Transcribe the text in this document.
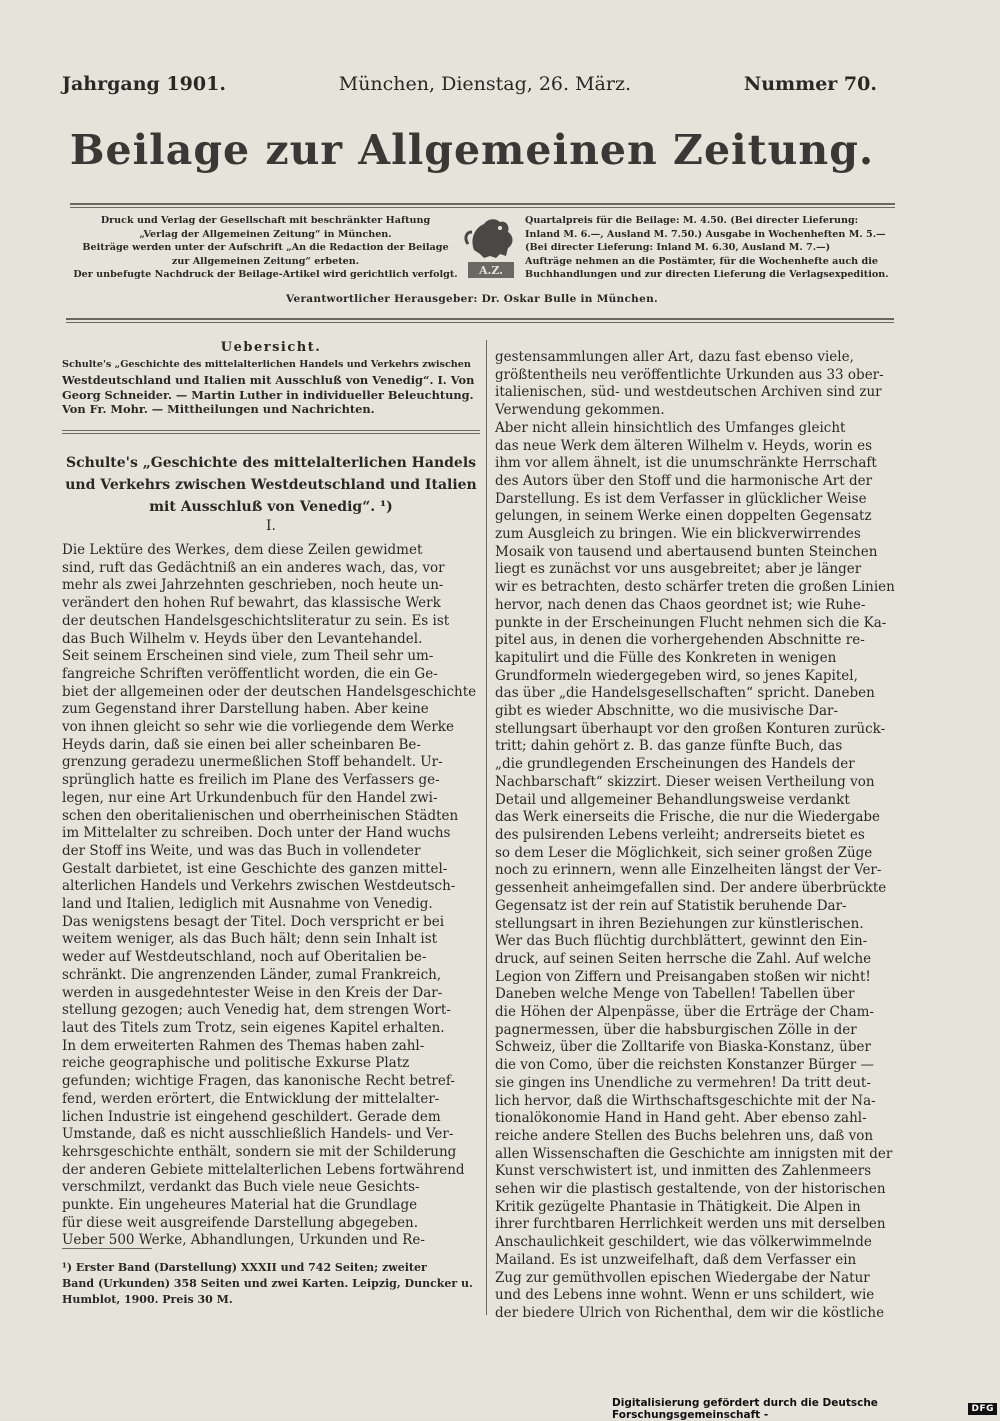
Jahrgang 1901.	München, Dienstag, 26. März.	Nummer 70.
Beilage zur Allgemeinen Zeitung.
Druck und Verlag der Gesellschaft mit beschränkter Haftung
„Verlag der Allgemeinen Zeitung“ in München.
Beiträge werden unter der Aufschrift „An die Redaction der Beilage
zur Allgemeinen Zeitung“ erbeten.
Der unbefugte Nachdruck der Beilage-Artikel wird gerichtlich verfolgt.	A.Z.
Quartalpreis für die Beilage: M. 4.50. (Bei directer Lieferung:
Inland M. 6.—, Ausland M. 7.50.) Ausgabe in Wochenheften M. 5.—
(Bei directer Lieferung: Inland M. 6.30, Ausland M. 7.—)
Aufträge nehmen an die Postämter, für die Wochenhefte auch die
Buchhandlungen und zur directen Lieferung die Verlagsexpedition.
Verantwortlicher Herausgeber: Dr. Oskar Bulle in München.
Uebersicht.
Schulte's „Geschichte des mittelalterlichen Handels und Verkehrs zwischen
Westdeutschland und Italien mit Ausschluß von Venedig“. I. Von
Georg Schneider. — Martin Luther in individueller Beleuchtung.
Von Fr. Mohr. — Mittheilungen und Nachrichten.
Schulte's „Geschichte des mittelalterlichen Handels
und Verkehrs zwischen Westdeutschland und Italien
mit Ausschluß von Venedig“. ¹)
I.
Die Lektüre des Werkes, dem diese Zeilen gewidmet
sind, ruft das Gedächtniß an ein anderes wach, das, vor
mehr als zwei Jahrzehnten geschrieben, noch heute un-
verändert den hohen Ruf bewahrt, das klassische Werk
der deutschen Handelsgeschichtsliteratur zu sein. Es ist
das Buch Wilhelm v. Heyds über den Levantehandel.
Seit seinem Erscheinen sind viele, zum Theil sehr um-
fangreiche Schriften veröffentlicht worden, die ein Ge-
biet der allgemeinen oder der deutschen Handelsgeschichte
zum Gegenstand ihrer Darstellung haben. Aber keine
von ihnen gleicht so sehr wie die vorliegende dem Werke
Heyds darin, daß sie einen bei aller scheinbaren Be-
grenzung geradezu unermeßlichen Stoff behandelt. Ur-
sprünglich hatte es freilich im Plane des Verfassers ge-
legen, nur eine Art Urkundenbuch für den Handel zwi-
schen den oberitalienischen und oberrheinischen Städten
im Mittelalter zu schreiben. Doch unter der Hand wuchs
der Stoff ins Weite, und was das Buch in vollendeter
Gestalt darbietet, ist eine Geschichte des ganzen mittel-
alterlichen Handels und Verkehrs zwischen Westdeutsch-
land und Italien, lediglich mit Ausnahme von Venedig.
Das wenigstens besagt der Titel. Doch verspricht er bei
weitem weniger, als das Buch hält; denn sein Inhalt ist
weder auf Westdeutschland, noch auf Oberitalien be-
schränkt. Die angrenzenden Länder, zumal Frankreich,
werden in ausgedehntester Weise in den Kreis der Dar-
stellung gezogen; auch Venedig hat, dem strengen Wort-
laut des Titels zum Trotz, sein eigenes Kapitel erhalten.
In dem erweiterten Rahmen des Themas haben zahl-
reiche geographische und politische Exkurse Platz
gefunden; wichtige Fragen, das kanonische Recht betref-
fend, werden erörtert, die Entwicklung der mittelalter-
lichen Industrie ist eingehend geschildert. Gerade dem
Umstande, daß es nicht ausschließlich Handels- und Ver-
kehrsgeschichte enthält, sondern sie mit der Schilderung
der anderen Gebiete mittelalterlichen Lebens fortwährend
verschmilzt, verdankt das Buch viele neue Gesichts-
punkte. Ein ungeheures Material hat die Grundlage
für diese weit ausgreifende Darstellung abgegeben.
Ueber 500 Werke, Abhandlungen, Urkunden und Re-
¹) Erster Band (Darstellung) XXXII und 742 Seiten; zweiter
Band (Urkunden) 358 Seiten und zwei Karten. Leipzig, Duncker u.
Humblot, 1900. Preis 30 M.
gestensammlungen aller Art, dazu fast ebenso viele,
größtentheils neu veröffentlichte Urkunden aus 33 ober-
italienischen, süd- und westdeutschen Archiven sind zur
Verwendung gekommen.
Aber nicht allein hinsichtlich des Umfanges gleicht
das neue Werk dem älteren Wilhelm v. Heyds, worin es
ihm vor allem ähnelt, ist die unumschränkte Herrschaft
des Autors über den Stoff und die harmonische Art der
Darstellung. Es ist dem Verfasser in glücklicher Weise
gelungen, in seinem Werke einen doppelten Gegensatz
zum Ausgleich zu bringen. Wie ein blickverwirrendes
Mosaik von tausend und abertausend bunten Steinchen
liegt es zunächst vor uns ausgebreitet; aber je länger
wir es betrachten, desto schärfer treten die großen Linien
hervor, nach denen das Chaos geordnet ist; wie Ruhe-
punkte in der Erscheinungen Flucht nehmen sich die Ka-
pitel aus, in denen die vorhergehenden Abschnitte re-
kapitulirt und die Fülle des Konkreten in wenigen
Grundformeln wiedergegeben wird, so jenes Kapitel,
das über „die Handelsgesellschaften“ spricht. Daneben
gibt es wieder Abschnitte, wo die musivische Dar-
stellungsart überhaupt vor den großen Konturen zurück-
tritt; dahin gehört z. B. das ganze fünfte Buch, das
„die grundlegenden Erscheinungen des Handels der
Nachbarschaft“ skizzirt. Dieser weisen Vertheilung von
Detail und allgemeiner Behandlungsweise verdankt
das Werk einerseits die Frische, die nur die Wiedergabe
des pulsirenden Lebens verleiht; andrerseits bietet es
so dem Leser die Möglichkeit, sich seiner großen Züge
noch zu erinnern, wenn alle Einzelheiten längst der Ver-
gessenheit anheimgefallen sind. Der andere überbrückte
Gegensatz ist der rein auf Statistik beruhende Dar-
stellungsart in ihren Beziehungen zur künstlerischen.
Wer das Buch flüchtig durchblättert, gewinnt den Ein-
druck, auf seinen Seiten herrsche die Zahl. Auf welche
Legion von Ziffern und Preisangaben stoßen wir nicht!
Daneben welche Menge von Tabellen! Tabellen über
die Höhen der Alpenpässe, über die Erträge der Cham-
pagnermessen, über die habsburgischen Zölle in der
Schweiz, über die Zolltarife von Biaska-Konstanz, über
die von Como, über die reichsten Konstanzer Bürger —
sie gingen ins Unendliche zu vermehren! Da tritt deut-
lich hervor, daß die Wirthschaftsgeschichte mit der Na-
tionalökonomie Hand in Hand geht. Aber ebenso zahl-
reiche andere Stellen des Buchs belehren uns, daß von
allen Wissenschaften die Geschichte am innigsten mit der
Kunst verschwistert ist, und inmitten des Zahlenmeers
sehen wir die plastisch gestaltende, von der historischen
Kritik gezügelte Phantasie in Thätigkeit. Die Alpen in
ihrer furchtbaren Herrlichkeit werden uns mit derselben
Anschaulichkeit geschildert, wie das völkerwimmelnde
Mailand. Es ist unzweifelhaft, daß dem Verfasser ein
Zug zur gemüthvollen epischen Wiedergabe der Natur
und des Lebens inne wohnt. Wenn er uns schildert, wie
der biedere Ulrich von Richenthal, dem wir die köstliche
Digitalisierung gefördert durch die Deutsche Forschungsgemeinschaft -	DFG
